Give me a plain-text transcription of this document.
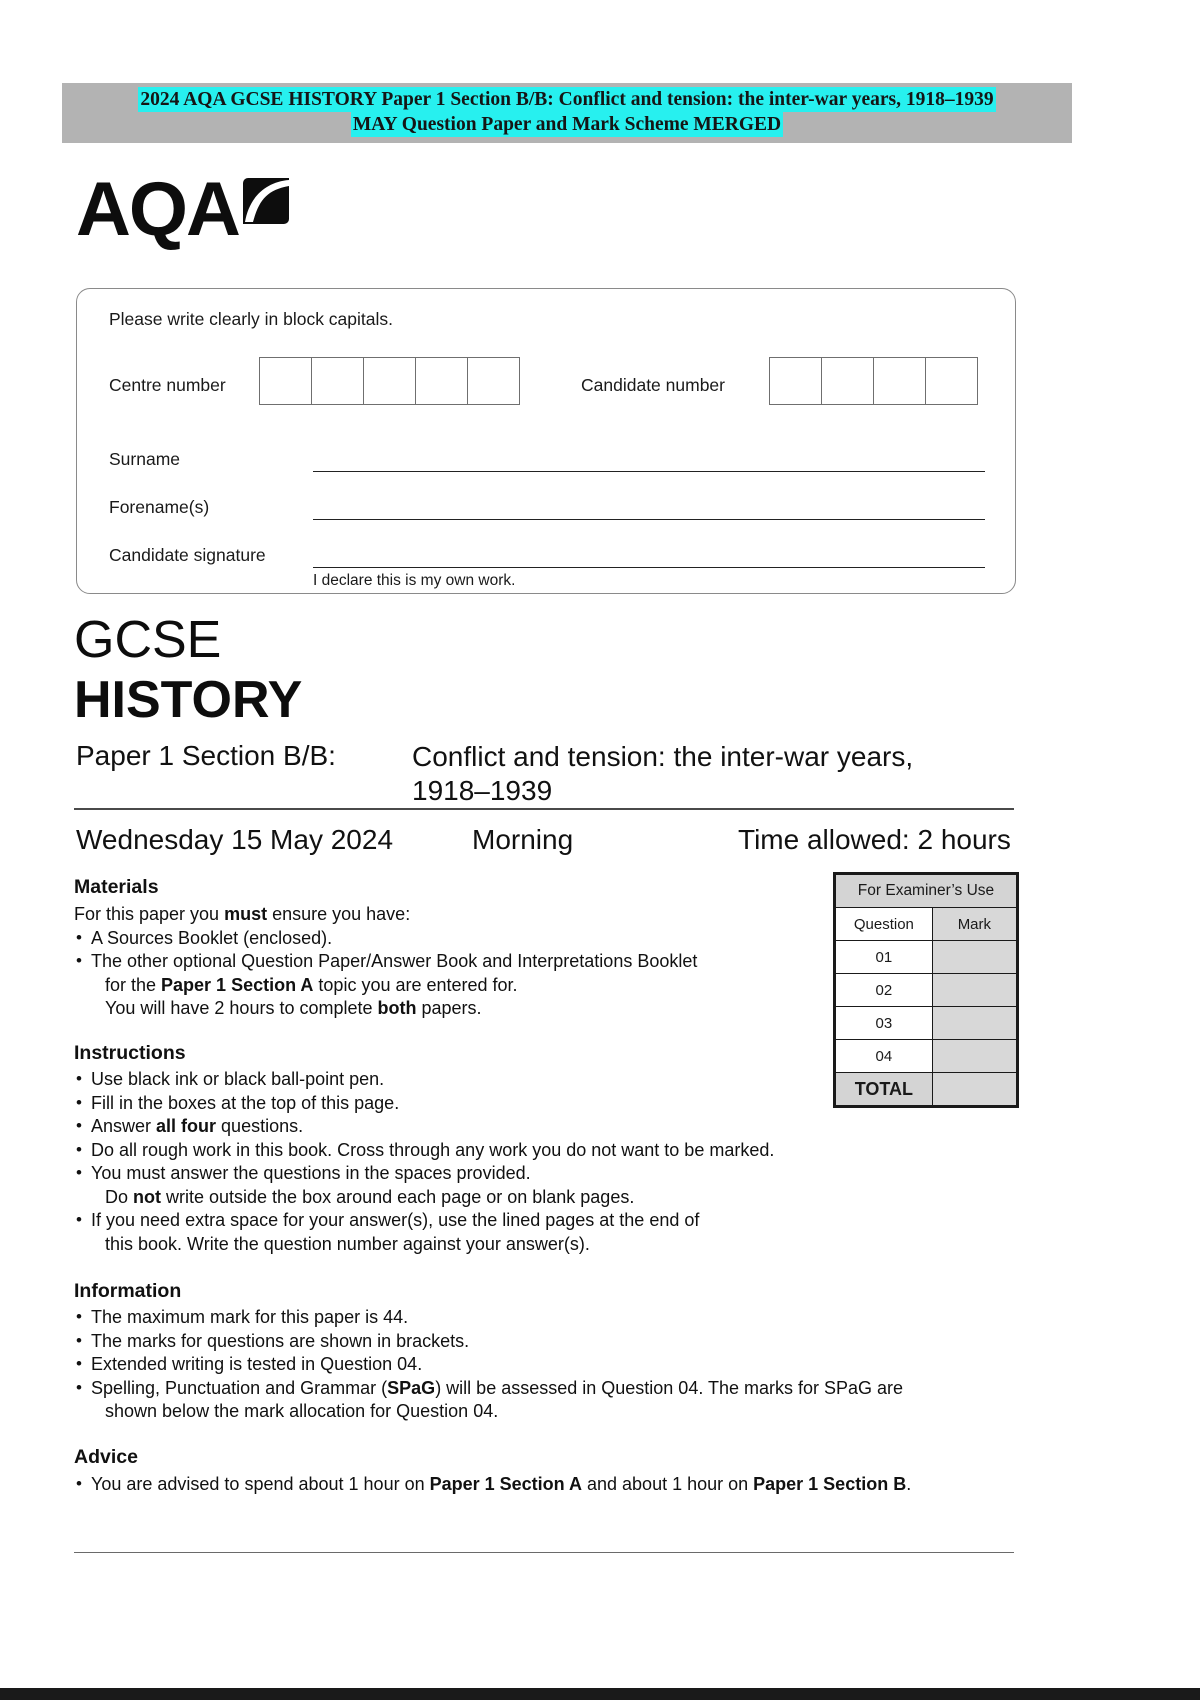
2024 AQA GCSE HISTORY Paper 1 Section B/B: Conflict and tension: the inter-war years, 1918–1939
MAY Question Paper and Mark Scheme MERGED
AQA
Please write clearly in block capitals.
Centre number	Candidate number
Surname
Forename(s)
Candidate signature
I declare this is my own work.
GCSE
HISTORY
Paper 1 Section B/B:	Conflict and tension: the inter-war years, 1918–1939
Wednesday 15 May 2024	Morning	Time allowed: 2 hours
For Examiner’s Use	
Question	Mark
01	
02	
03	
04	
TOTAL	
Materials
For this paper you must ensure you have:
• A Sources Booklet (enclosed).
• The other optional Question Paper/Answer Book and Interpretations Booklet
for the Paper 1 Section A topic you are entered for.
You will have 2 hours to complete both papers.
Instructions
• Use black ink or black ball-point pen.
• Fill in the boxes at the top of this page.
• Answer all four questions.
• Do all rough work in this book. Cross through any work you do not want to be marked.
• You must answer the questions in the spaces provided.
Do not write outside the box around each page or on blank pages.
• If you need extra space for your answer(s), use the lined pages at the end of
this book. Write the question number against your answer(s).
Information
• The maximum mark for this paper is 44.
• The marks for questions are shown in brackets.
• Extended writing is tested in Question 04.
• Spelling, Punctuation and Grammar (SPaG) will be assessed in Question 04. The marks for SPaG are
shown below the mark allocation for Question 04.
Advice
• You are advised to spend about 1 hour on Paper 1 Section A and about 1 hour on Paper 1 Section B.
